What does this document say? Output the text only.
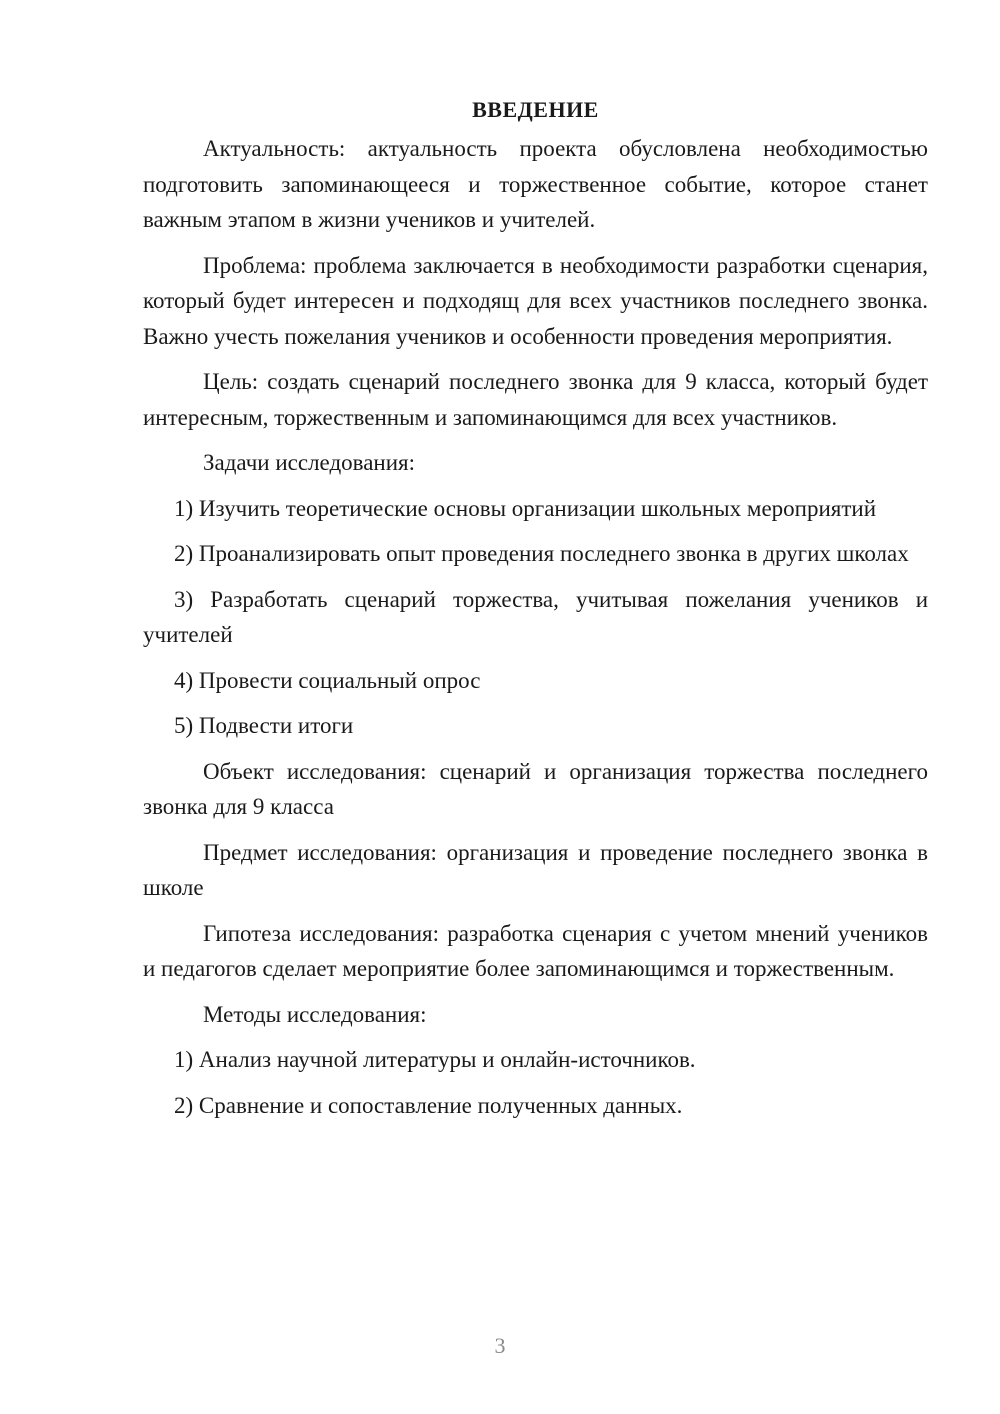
ВВЕДЕНИЕ

Актуальность: актуальность проекта обусловлена необходимостью подготовить запоминающееся и торжественное событие, которое станет важным этапом в жизни учеников и учителей.

Проблема: проблема заключается в необходимости разработки сценария, который будет интересен и подходящ для всех участников последнего звонка. Важно учесть пожелания учеников и особенности проведения мероприятия.

Цель: создать сценарий последнего звонка для 9 класса, который будет интересным, торжественным и запоминающимся для всех участников.

Задачи исследования:

1) Изучить теоретические основы организации школьных мероприятий

2) Проанализировать опыт проведения последнего звонка в других школах

3) Разработать сценарий торжества, учитывая пожелания учеников и учителей

4) Провести социальный опрос

5) Подвести итоги

Объект исследования: сценарий и организация торжества последнего звонка для 9 класса

Предмет исследования: организация и проведение последнего звонка в школе

Гипотеза исследования: разработка сценария с учетом мнений учеников и педагогов сделает мероприятие более запоминающимся и торжественным.

Методы исследования:

1) Анализ научной литературы и онлайн-источников.

2) Сравнение и сопоставление полученных данных.

3
